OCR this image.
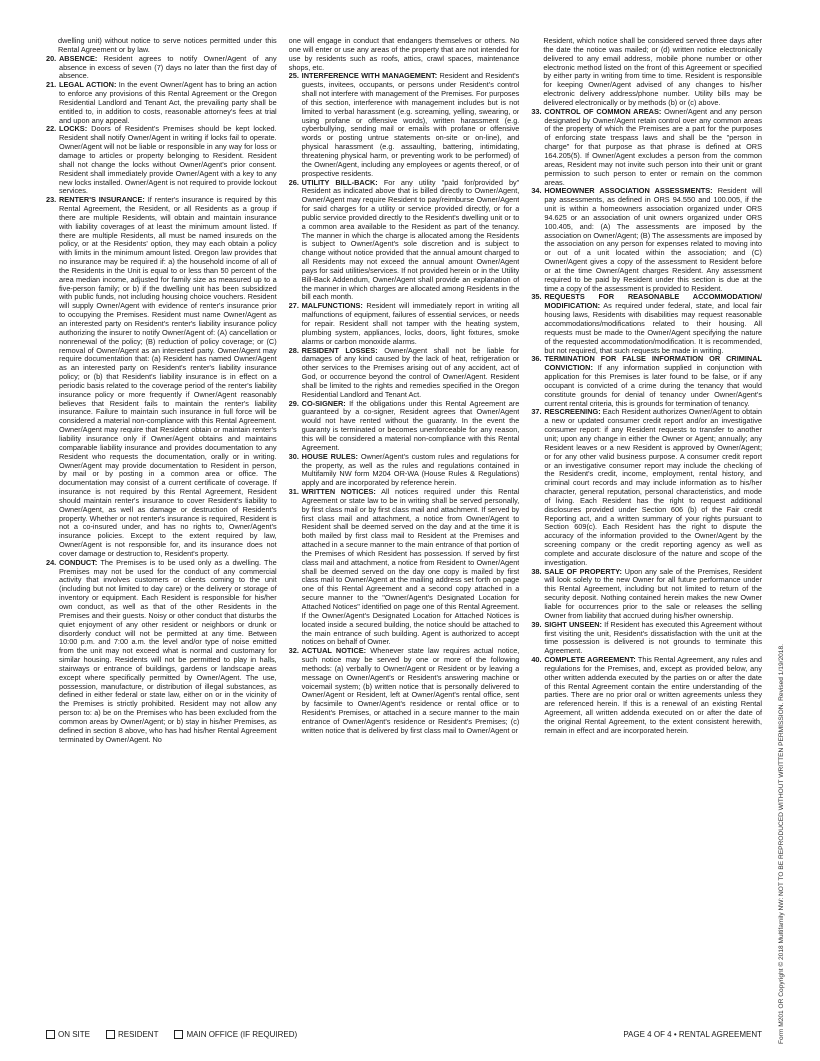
dwelling unit) without notice to serve notices permitted under this Rental Agreement or by law.

20. ABSENCE: Resident agrees to notify Owner/Agent of any absence in excess of seven (7) days no later than the first day of absence.

21. LEGAL ACTION: In the event Owner/Agent has to bring an action to enforce any provisions of this Rental Agreement or the Oregon Residential Landlord and Tenant Act, the prevailing party shall be entitled to, in addition to costs, reasonable attorney's fees at trial and upon any appeal.

22. LOCKS: Doors of Resident's Premises should be kept locked. Resident shall notify Owner/Agent in writing if locks fail to operate. Owner/Agent will not be liable or responsible in any way for loss or damage to articles or property belonging to Resident. Resident shall not change the locks without Owner/Agent's prior consent. Resident shall immediately provide Owner/Agent with a key to any new locks installed. Owner/Agent is not required to provide lockout services.

23. RENTER'S INSURANCE: If renter's insurance is required by this Rental Agreement, the Resident, or all Residents as a group if there are multiple Residents, will obtain and maintain insurance with liability coverages of at least the minimum amount listed. If there are multiple Residents, all must be named insureds on the policy, or at the Residents' option, they may each obtain a policy with limits in the minimum amount listed. Oregon law provides that no insurance may be required if: a) the household income of all of the Residents in the Unit is equal to or less than 50 percent of the area median income, adjusted for family size as measured up to a five-person family; or b) if the dwelling unit has been subsidized with public funds, not including housing choice vouchers. Resident will supply Owner/Agent with evidence of renter's insurance prior to occupying the Premises. Resident must name Owner/Agent as an interested party on Resident's renter's liability insurance policy authorizing the insurer to notify Owner/Agent of: (A) cancellation or nonrenewal of the policy; (B) reduction of policy coverage; or (C) removal of Owner/Agent as an interested party. Owner/Agent may require documentation that: (a) Resident has named Owner/Agent as an interested party on Resident's renter's liability insurance policy; or (b) that Resident's liability insurance is in effect on a periodic basis related to the coverage period of the renter's liability insurance policy or more frequently if Owner/Agent reasonably believes that Resident fails to maintain the renter's liability insurance. Failure to maintain such insurance in full force will be considered a material non-compliance with this Rental Agreement. Owner/Agent may require that Resident obtain or maintain renter's liability insurance only if Owner/Agent obtains and maintains comparable liability insurance and provides documentation to any Resident who requests the documentation, orally or in writing. Owner/Agent may provide documentation to Resident in person, by mail or by posting in a common area or office. The documentation may consist of a current certificate of coverage. If insurance is not required by this Rental Agreement, Resident should maintain renter's insurance to cover Resident's liability to Owner/Agent, as well as damage or destruction of Resident's property. Whether or not renter's insurance is required, Resident is not a co-insured under, and has no rights to, Owner/Agent's insurance policies. Except to the extent required by law, Owner/Agent is not responsible for, and its insurance does not cover damage or destruction to, Resident's property.

24. CONDUCT: The Premises is to be used only as a dwelling. The Premises may not be used for the conduct of any commercial activity that involves customers or clients coming to the unit (including but not limited to day care) or the delivery or storage of inventory or equipment. Each Resident is responsible for his/her own conduct, as well as that of the other Residents in the Premises and their guests. Noisy or other conduct that disturbs the quiet enjoyment of any other resident or neighbors or drunk or disorderly conduct will not be permitted at any time. Between 10:00 p.m. and 7:00 a.m. the level and/or type of noise emitted from the unit may not exceed what is normal and customary for similar housing. Residents will not be permitted to play in halls, stairways or entrance of buildings, gardens or landscape areas except where specifically permitted by Owner/Agent. The use, possession, manufacture, or distribution of illegal substances, as defined in either federal or state law, either on or in the vicinity of the Premises is strictly prohibited. Resident may not allow any person to: a) be on the Premises who has been excluded from the common areas by Owner/Agent; or b) stay in his/her Premises, as defined in section 8 above, who has had his/her Rental Agreement terminated by Owner/Agent. No

one will engage in conduct that endangers themselves or others. No one will enter or use any areas of the property that are not intended for use by residents such as roofs, attics, crawl spaces, maintenance shops, etc.

25. INTERFERENCE WITH MANAGEMENT: Resident and Resident's guests, invitees, occupants, or persons under Resident's control shall not interfere with management of the Premises. For purposes of this section, interference with management includes but is not limited to verbal harassment (e.g. screaming, yelling, swearing, or using profane or offensive words), written harassment (e.g. cyberbullying, sending mail or emails with profane or offensive words or posting untrue statements on-site or on-line), and physical harassment (e.g. assaulting, battering, intimidating, threatening physical harm, or preventing work to be performed) of the Owner/Agent, including any employees or agents thereof, or of prospective residents.

26. UTILITY BILL-BACK: For any utility "paid for/provided by" Resident as indicated above that is billed directly to Owner/Agent, Owner/Agent may require Resident to pay/reimburse Owner/Agent for said charges for a utility or service provided directly, or for a public service provided directly to the Resident's dwelling unit or to a common area available to the Resident as part of the tenancy. The manner in which the charge is allocated among the Residents is subject to Owner/Agent's sole discretion and is subject to change without notice provided that the annual amount charged to all Residents may not exceed the annual amount Owner/Agent pays for said utilities/services. If not provided herein or in the Utility Bill-Back Addendum, Owner/Agent shall provide an explanation of the manner in which charges are allocated among Residents in the bill each month.

27. MALFUNCTIONS: Resident will immediately report in writing all malfunctions of equipment, failures of essential services, or needs for repair. Resident shall not tamper with the heating system, plumbing system, appliances, locks, doors, light fixtures, smoke alarms or carbon monoxide alarms.

28. RESIDENT LOSSES: Owner/Agent shall not be liable for damages of any kind caused by the lack of heat, refrigeration or other services to the Premises arising out of any accident, act of God, or occurrence beyond the control of Owner/Agent. Resident shall be limited to the rights and remedies specified in the Oregon Residential Landlord and Tenant Act.

29. CO-SIGNER: If the obligations under this Rental Agreement are guaranteed by a co-signer, Resident agrees that Owner/Agent would not have rented without the guaranty. In the event the guaranty is terminated or becomes unenforceable for any reason, this will be considered a material non-compliance with this Rental Agreement.

30. HOUSE RULES: Owner/Agent's custom rules and regulations for the property, as well as the rules and regulations contained in Multifamily NW form M204 OR-WA (House Rules & Regulations) apply and are incorporated by reference herein.

31. WRITTEN NOTICES: All notices required under this Rental Agreement or state law to be in writing shall be served personally, by first class mail or by first class mail and attachment. If served by first class mail and attachment, a notice from Owner/Agent to Resident shall be deemed served on the day and at the time it is both mailed by first class mail to Resident at the Premises and attached in a secure manner to the main entrance of that portion of the Premises of which Resident has possession. If served by first class mail and attachment, a notice from Resident to Owner/Agent shall be deemed served on the day one copy is mailed by first class mail to Owner/Agent at the mailing address set forth on page one of this Rental Agreement and a second copy attached in a secure manner to the "Owner/Agent's Designated Location for Attached Notices" identified on page one of this Rental Agreement. If the Owner/Agent's Designated Location for Attached Notices is located inside a secured building, the notice should be attached to the main entrance of such building. Agent is authorized to accept notices on behalf of Owner.

32. ACTUAL NOTICE: Whenever state law requires actual notice, such notice may be served by one or more of the following methods: (a) verbally to Owner/Agent or Resident or by leaving a message on Owner/Agent's or Resident's answering machine or voicemail system; (b) written notice that is personally delivered to Owner/Agent or Resident, left at Owner/Agent's rental office, sent by facsimile to Owner/Agent's residence or rental office or to Resident's Premises, or attached in a secure manner to the main entrance of Owner/Agent's residence or Resident's Premises; (c) written notice that is delivered by first class mail to Owner/Agent or

Resident, which notice shall be considered served three days after the date the notice was mailed; or (d) written notice electronically delivered to any email address, mobile phone number or other electronic method listed on the front of this Agreement or specified by either party in writing from time to time. Resident is responsible for keeping Owner/Agent advised of any changes to his/her electronic delivery address/phone number. Utility bills may be delivered electronically or by methods (b) or (c) above.

33. CONTROL OF COMMON AREAS: Owner/Agent and any person designated by Owner/Agent retain control over any common areas of the property of which the Premises are a part for the purposes of enforcing state trespass laws and shall be the "person in charge" for that purpose as that phrase is defined at ORS 164.205(5). If Owner/Agent excludes a person from the common areas, Resident may not invite such person into their unit or grant permission to such person to enter or remain on the common areas.

34. HOMEOWNER ASSOCIATION ASSESSMENTS: Resident will pay assessments, as defined in ORS 94.550 and 100.005, if the unit is within a homeowners association organized under ORS 94.625 or an association of unit owners organized under ORS 100.405, and: (A) The assessments are imposed by the association on Owner/Agent; (B) The assessments are imposed by the association on any person for expenses related to moving into or out of a unit located within the association; and (C) Owner/Agent gives a copy of the assessment to Resident before or at the time Owner/Agent charges Resident. Any assessment required to be paid by Resident under this section is due at the time a copy of the assessment is provided to Resident.

35. REQUESTS FOR REASONABLE ACCOMMODATION/ MODIFICATION: As required under federal, state, and local fair housing laws, Residents with disabilities may request reasonable accommodations/modifications related to their housing. All requests must be made to the Owner/Agent specifying the nature of the requested accommodation/modification. It is recommended, but not required, that such requests be made in writing.

36. TERMINATION FOR FALSE INFORMATION OR CRIMINAL CONVICTION: If any information supplied in conjunction with application for this Premises is later found to be false, or if any occupant is convicted of a crime during the tenancy that would constitute grounds for denial of tenancy under Owner/Agent's current rental criteria, this is grounds for termination of tenancy.

37. RESCREENING: Each Resident authorizes Owner/Agent to obtain a new or updated consumer credit report and/or an investigative consumer report: if any Resident requests to transfer to another unit; upon any change in either the Owner or Agent; annually; any Resident leaves or a new Resident is approved by Owner/Agent; or for any other valid business purpose. A consumer credit report or an investigative consumer report may include the checking of the Resident's credit, income, employment, rental history, and criminal court records and may include information as to his/her character, general reputation, personal characteristics, and mode of living. Each Resident has the right to request additional disclosures provided under Section 606 (b) of the Fair credit Reporting act, and a written summary of your rights pursuant to Section 609(c). Each Resident has the right to dispute the accuracy of the information provided to the Owner/Agent by the screening company or the credit reporting agency as well as complete and accurate disclosure of the nature and scope of the investigation.

38. SALE OF PROPERTY: Upon any sale of the Premises, Resident will look solely to the new Owner for all future performance under this Rental Agreement, including but not limited to return of the security deposit. Nothing contained herein makes the new Owner liable for occurrences prior to the sale or releases the selling Owner from liability that accrued during his/her ownership.

39. SIGHT UNSEEN: If Resident has executed this Agreement without first visiting the unit, Resident's dissatisfaction with the unit at the time possession is delivered is not grounds to terminate this Agreement.

40. COMPLETE AGREEMENT: This Rental Agreement, any rules and regulations for the Premises, and, except as provided below, any other written addenda executed by the parties on or after the date of this Rental Agreement contain the entire understanding of the parties. There are no prior oral or written agreements unless they are referenced herein. If this is a renewal of an existing Rental Agreement, all written addenda executed on or after the date of the original Rental Agreement, to the extent consistent herewith, remain in effect and are incorporated herein.	Form M201 OR Copyright © 2018 Multifamily NW: NOT TO BE REPRODUCED WITHOUT WRITTEN PERMISSION. Revised 1/19/2018.
ON SITE	RESIDENT	MAIN OFFICE (IF REQUIRED)	PAGE 4 OF 4 • RENTAL AGREEMENT
